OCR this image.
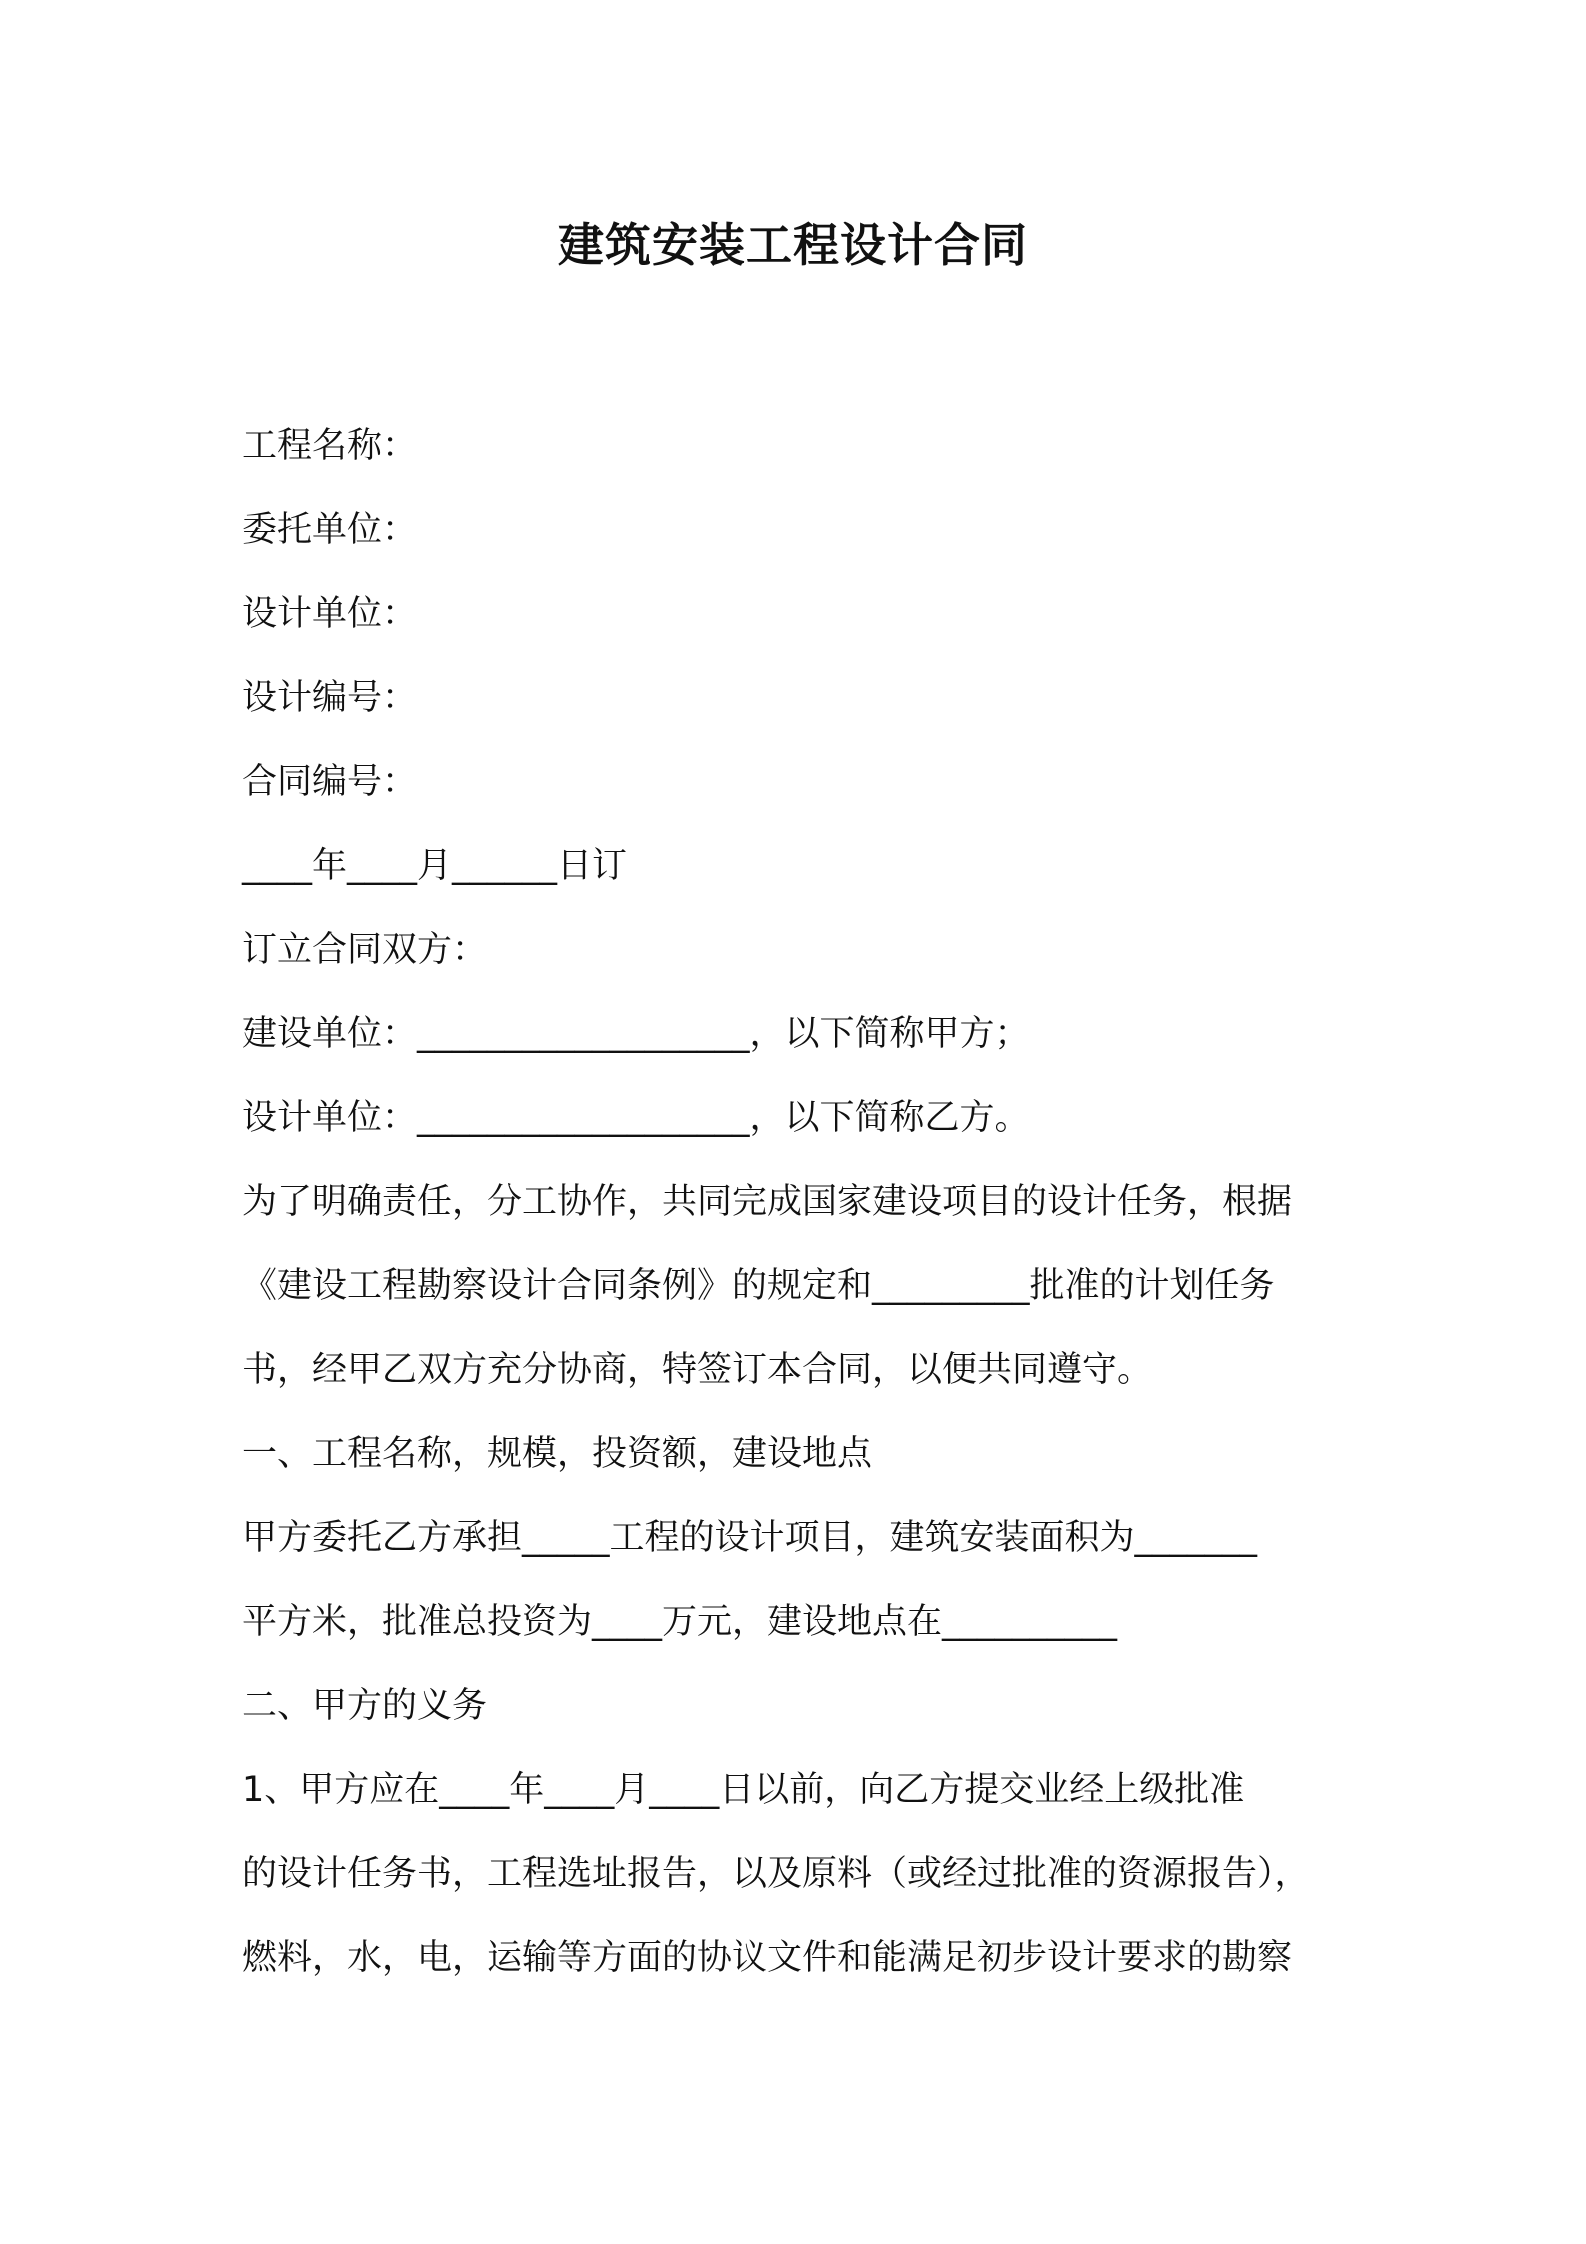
建筑安装工程设计合同
工程名称：
委托单位：
设计单位：
设计编号：
合同编号：
____年____月______日订
订立合同双方：
建设单位：___________________，以下简称甲方；
设计单位：___________________，以下简称乙方。
为了明确责任，分工协作，共同完成国家建设项目的设计任务，根据
《建设工程勘察设计合同条例》的规定和_________批准的计划任务
书，经甲乙双方充分协商，特签订本合同，以便共同遵守。
一、工程名称，规模，投资额，建设地点
甲方委托乙方承担_____工程的设计项目，建筑安装面积为_______
平方米，批准总投资为____万元，建设地点在__________
二、甲方的义务
1、甲方应在____年____月____日以前，向乙方提交业经上级批准
的设计任务书，工程选址报告，以及原料（或经过批准的资源报告），
燃料，水，电，运输等方面的协议文件和能满足初步设计要求的勘察
